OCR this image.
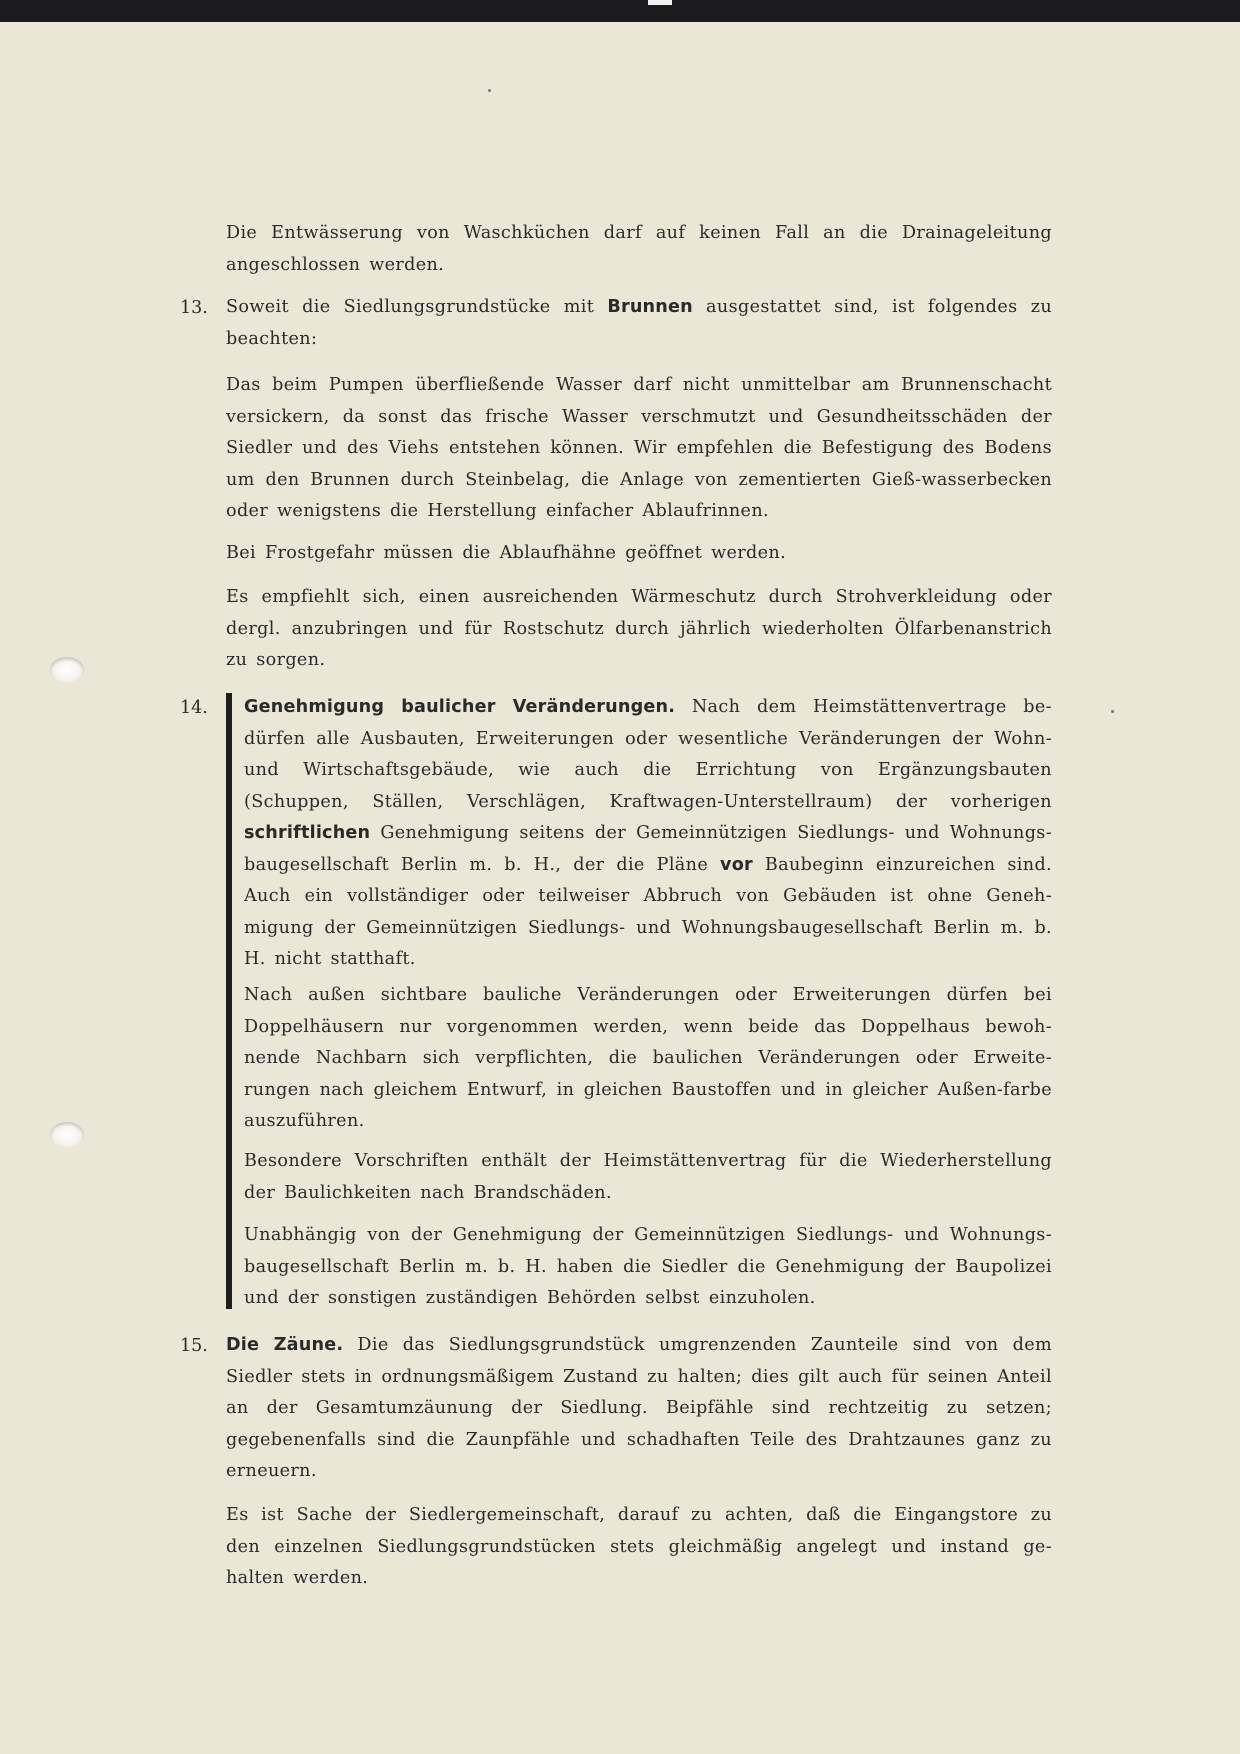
Die Entwässerung von Waschküchen darf auf keinen Fall an die Drainageleitung angeschlossen werden.

13. Soweit die Siedlungsgrundstücke mit Brunnen ausgestattet sind, ist folgendes zu beachten:

Das beim Pumpen überfließende Wasser darf nicht unmittelbar am Brunnenschacht versickern, da sonst das frische Wasser verschmutzt und Gesundheitsschäden der Siedler und des Viehs entstehen können. Wir empfehlen die Befestigung des Bodens um den Brunnen durch Steinbelag, die Anlage von zementierten Gieß-wasserbecken oder wenigstens die Herstellung einfacher Ablaufrinnen.

Bei Frostgefahr müssen die Ablaufhähne geöffnet werden.

Es empfiehlt sich, einen ausreichenden Wärmeschutz durch Strohverkleidung oder dergl. anzubringen und für Rostschutz durch jährlich wiederholten Ölfarbenanstrich zu sorgen.

14. Genehmigung baulicher Veränderungen. Nach dem Heimstättenvertrage be-dürfen alle Ausbauten, Erweiterungen oder wesentliche Veränderungen der Wohn- und Wirtschaftsgebäude, wie auch die Errichtung von Ergänzungsbauten (Schuppen, Ställen, Verschlägen, Kraftwagen-Unterstellraum) der vorherigen schriftlichen Genehmigung seitens der Gemeinnützigen Siedlungs- und Wohnungs-baugesellschaft Berlin m. b. H., der die Pläne vor Baubeginn einzureichen sind. Auch ein vollständiger oder teilweiser Abbruch von Gebäuden ist ohne Geneh-migung der Gemeinnützigen Siedlungs- und Wohnungsbaugesellschaft Berlin m. b. H. nicht statthaft.

Nach außen sichtbare bauliche Veränderungen oder Erweiterungen dürfen bei Doppelhäusern nur vorgenommen werden, wenn beide das Doppelhaus bewoh-nende Nachbarn sich verpflichten, die baulichen Veränderungen oder Erweite-rungen nach gleichem Entwurf, in gleichen Baustoffen und in gleicher Außen-farbe auszuführen.

Besondere Vorschriften enthält der Heimstättenvertrag für die Wiederherstellung der Baulichkeiten nach Brandschäden.

Unabhängig von der Genehmigung der Gemeinnützigen Siedlungs- und Wohnungs-baugesellschaft Berlin m. b. H. haben die Siedler die Genehmigung der Baupolizei und der sonstigen zuständigen Behörden selbst einzuholen.

15. Die Zäune. Die das Siedlungsgrundstück umgrenzenden Zaunteile sind von dem Siedler stets in ordnungsmäßigem Zustand zu halten; dies gilt auch für seinen Anteil an der Gesamtumzäunung der Siedlung. Beipfähle sind rechtzeitig zu setzen; gegebenenfalls sind die Zaunpfähle und schadhaften Teile des Drahtzaunes ganz zu erneuern.

Es ist Sache der Siedlergemeinschaft, darauf zu achten, daß die Eingangstore zu den einzelnen Siedlungsgrundstücken stets gleichmäßig angelegt und instand ge-halten werden.
